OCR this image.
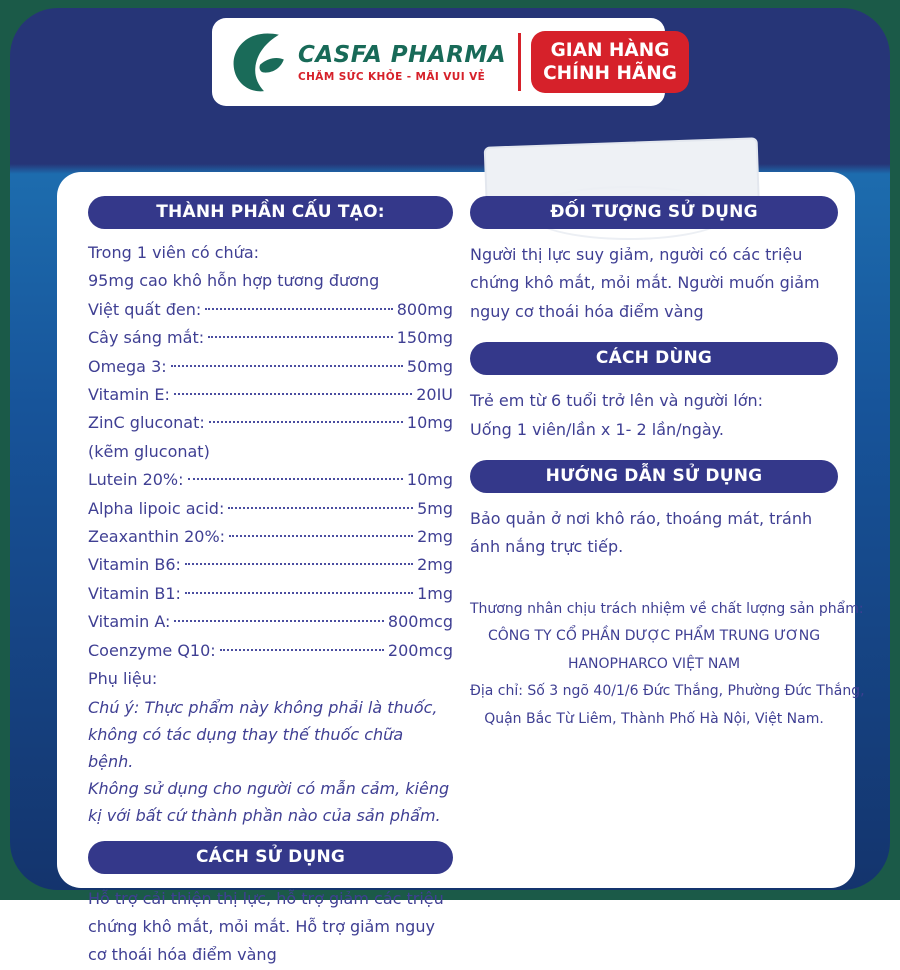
CASFA PHARMA
CHĂM SỨC KHỎE - MÃI VUI VẺ
GIAN HÀNG
CHÍNH HÃNG
THÀNH PHẦN CẤU TẠO:
Trong 1 viên có chứa:
95mg cao khô hỗn hợp tương đương
Việt quất đen:	800mg
Cây sáng mắt:	150mg
Omega 3:	50mg
Vitamin E:	20IU
ZinC gluconat:	10mg
(kẽm gluconat)
Lutein 20%:	10mg
Alpha lipoic acid:	5mg
Zeaxanthin 20%:	2mg
Vitamin B6:	2mg
Vitamin B1:	1mg
Vitamin A:	800mcg
Coenzyme Q10:	200mcg
Phụ liệu:
Chú ý: Thực phẩm này không phải là thuốc, không có tác dụng thay thế thuốc chữa bệnh.
Không sử dụng cho người có mẫn cảm, kiêng kị với bất cứ thành phần nào của sản phẩm.
CÁCH SỬ DỤNG
Hỗ trợ cải thiện thị lực, hỗ trợ giảm các triệu chứng khô mắt, mỏi mắt. Hỗ trợ giảm nguy cơ thoái hóa điểm vàng
ĐỐI TƯỢNG SỬ DỤNG
Người thị lực suy giảm, người có các triệu chứng khô mắt, mỏi mắt. Người muốn giảm nguy cơ thoái hóa điểm vàng
CÁCH DÙNG
Trẻ em từ 6 tuổi trở lên và người lớn:
Uống 1 viên/lần x 1- 2 lần/ngày.
HƯỚNG DẪN SỬ DỤNG
Bảo quản ở nơi khô ráo, thoáng mát, tránh ánh nắng trực tiếp.
Thương nhân chịu trách nhiệm về chất lượng sản phẩm:
CÔNG TY CỔ PHẦN DƯỢC PHẨM TRUNG ƯƠNG
HANOPHARCO VIỆT NAM
Địa chỉ: Số 3 ngõ 40/1/6 Đức Thắng, Phường Đức Thắng,
Quận Bắc Từ Liêm, Thành Phố Hà Nội, Việt Nam.
